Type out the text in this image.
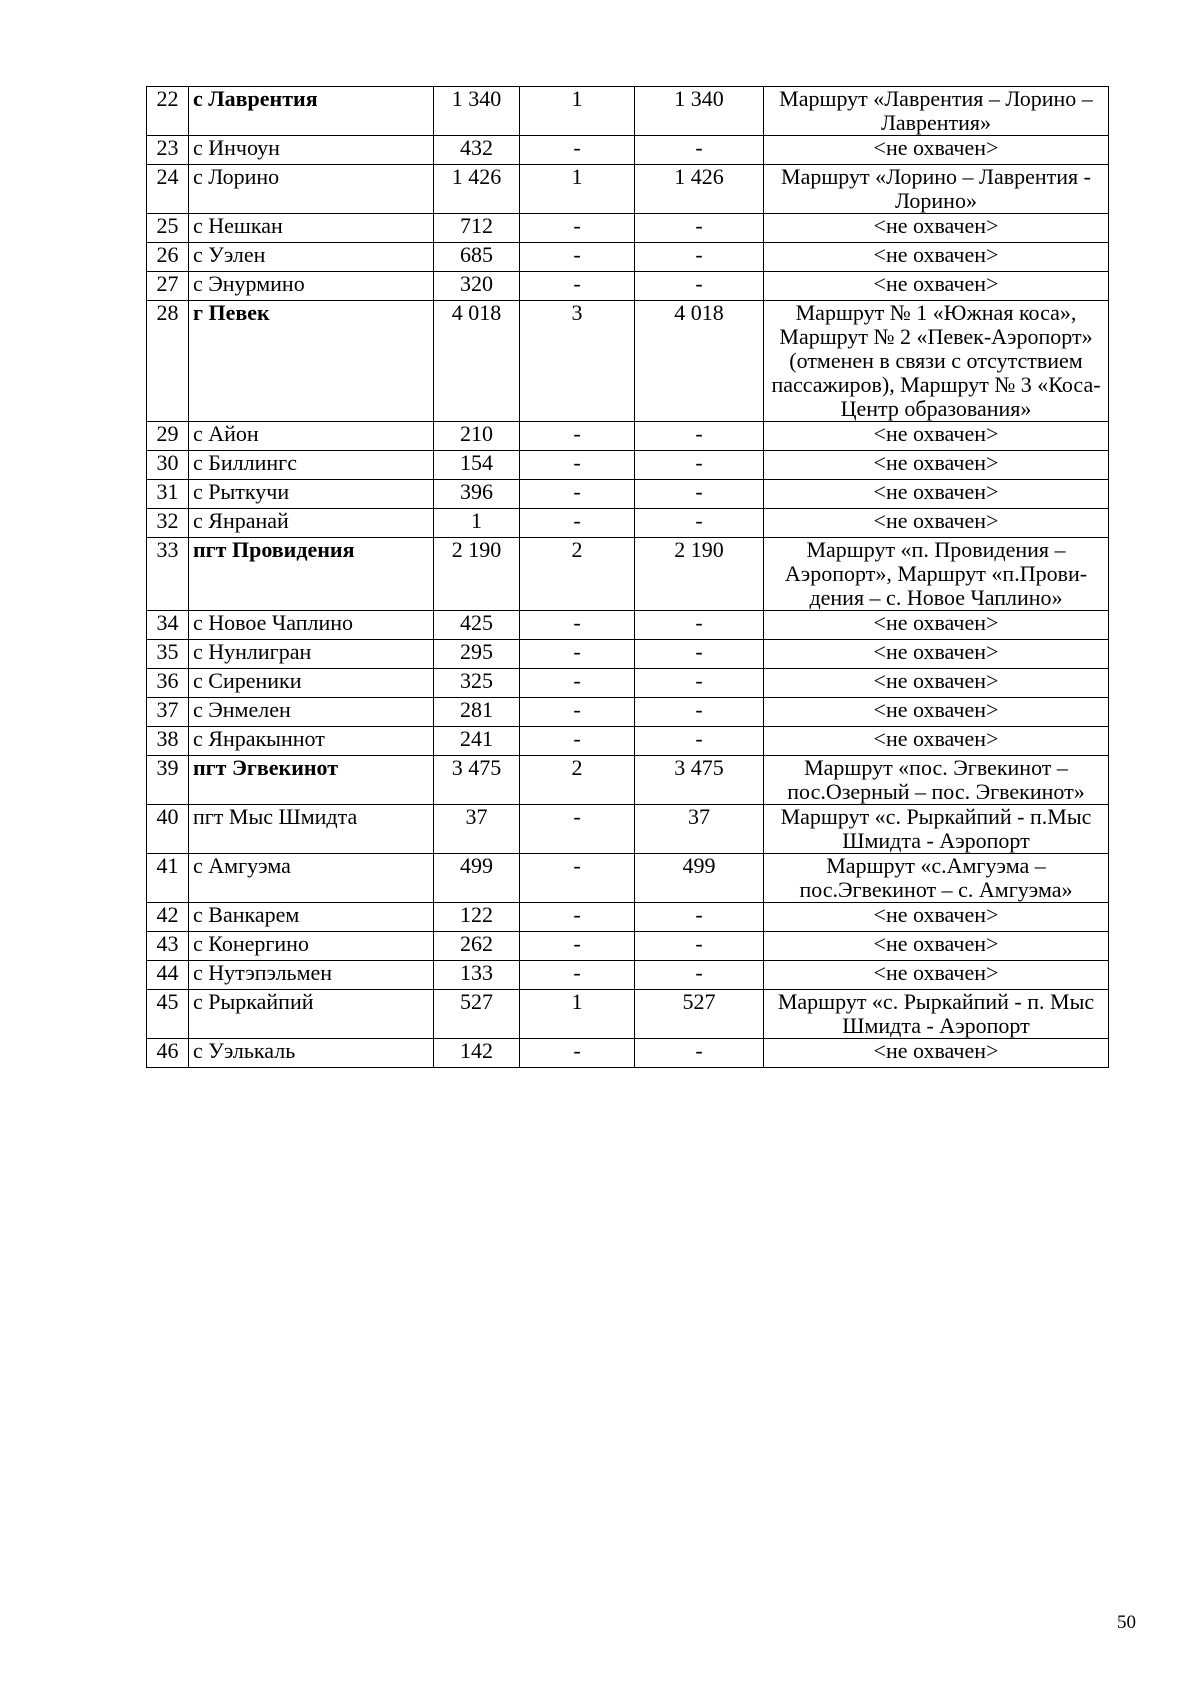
22	с Лаврентия	1 340	1	1 340	Маршрут «Лаврентия – Лорино – Лаврентия»
23	с Инчоун	432	-	-	<не охвачен>
24	с Лорино	1 426	1	1 426	Маршрут «Лорино – Лаврентия - Лорино»
25	с Нешкан	712	-	-	<не охвачен>
26	с Уэлен	685	-	-	<не охвачен>
27	с Энурмино	320	-	-	<не охвачен>
28	г Певек	4 018	3	4 018	Маршрут № 1 «Южная коса», Маршрут № 2 «Певек-Аэропорт» (отменен в связи с отсутствием пассажиров), Маршрут № 3 «Коса-Центр образования»
29	с Айон	210	-	-	<не охвачен>
30	с Биллингс	154	-	-	<не охвачен>
31	с Рыткучи	396	-	-	<не охвачен>
32	с Янранай	1	-	-	<не охвачен>
33	пгт Провидения	2 190	2	2 190	Маршрут «п. Провидения – Аэропорт», Маршрут «п.Прови-дения – с. Новое Чаплино»
34	с Новое Чаплино	425	-	-	<не охвачен>
35	с Нунлигран	295	-	-	<не охвачен>
36	с Сиреники	325	-	-	<не охвачен>
37	с Энмелен	281	-	-	<не охвачен>
38	с Янракыннот	241	-	-	<не охвачен>
39	пгт Эгвекинот	3 475	2	3 475	Маршрут «пос. Эгвекинот – пос.Озерный – пос. Эгвекинот»
40	пгт Мыс Шмидта	37	-	37	Маршрут «с. Рыркайпий - п.Мыс Шмидта - Аэропорт
41	с Амгуэма	499	-	499	Маршрут «с.Амгуэма – пос.Эгвекинот – с. Амгуэма»
42	с Ванкарем	122	-	-	<не охвачен>
43	с Конергино	262	-	-	<не охвачен>
44	с Нутэпэльмен	133	-	-	<не охвачен>
45	с Рыркайпий	527	1	527	Маршрут «с. Рыркайпий - п. Мыс Шмидта - Аэропорт
46	с Уэлькаль	142	-	-	<не охвачен>
50
